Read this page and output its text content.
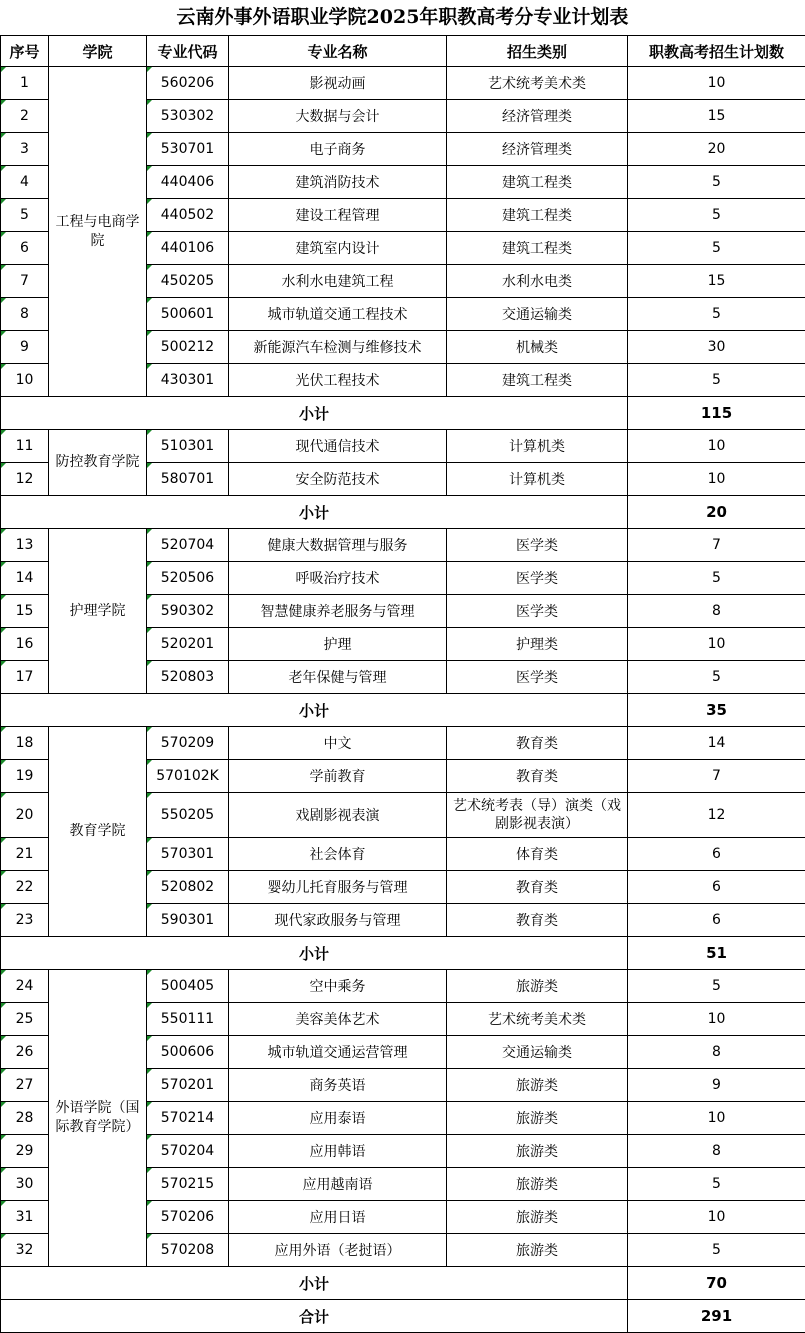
云南外事外语职业学院2025年职教高考分专业计划表
序号	学院	专业代码	专业名称	招生类别	职教高考招生计划数
1	工程与电商学院	560206	影视动画	艺术统考美术类	10
2		530302	大数据与会计	经济管理类	15
3		530701	电子商务	经济管理类	20
4		440406	建筑消防技术	建筑工程类	5
5		440502	建设工程管理	建筑工程类	5
6		440106	建筑室内设计	建筑工程类	5
7		450205	水利水电建筑工程	水利水电类	15
8		500601	城市轨道交通工程技术	交通运输类	5
9		500212	新能源汽车检测与维修技术	机械类	30
10		430301	光伏工程技术	建筑工程类	5
小计					115
11	防控教育学院	510301	现代通信技术	计算机类	10
12		580701	安全防范技术	计算机类	10
小计					20
13	护理学院	520704	健康大数据管理与服务	医学类	7
14		520506	呼吸治疗技术	医学类	5
15		590302	智慧健康养老服务与管理	医学类	8
16		520201	护理	护理类	10
17		520803	老年保健与管理	医学类	5
小计					35
18	教育学院	570209	中文	教育类	14
19		570102K	学前教育	教育类	7
20		550205	戏剧影视表演	艺术统考表（导）演类（戏剧影视表演）	12
21		570301	社会体育	体育类	6
22		520802	婴幼儿托育服务与管理	教育类	6
23		590301	现代家政服务与管理	教育类	6
小计					51
24	外语学院（国际教育学院）	500405	空中乘务	旅游类	5
25		550111	美容美体艺术	艺术统考美术类	10
26		500606	城市轨道交通运营管理	交通运输类	8
27		570201	商务英语	旅游类	9
28		570214	应用泰语	旅游类	10
29		570204	应用韩语	旅游类	8
30		570215	应用越南语	旅游类	5
31		570206	应用日语	旅游类	10
32		570208	应用外语（老挝语）	旅游类	5
小计					70
合计					291
